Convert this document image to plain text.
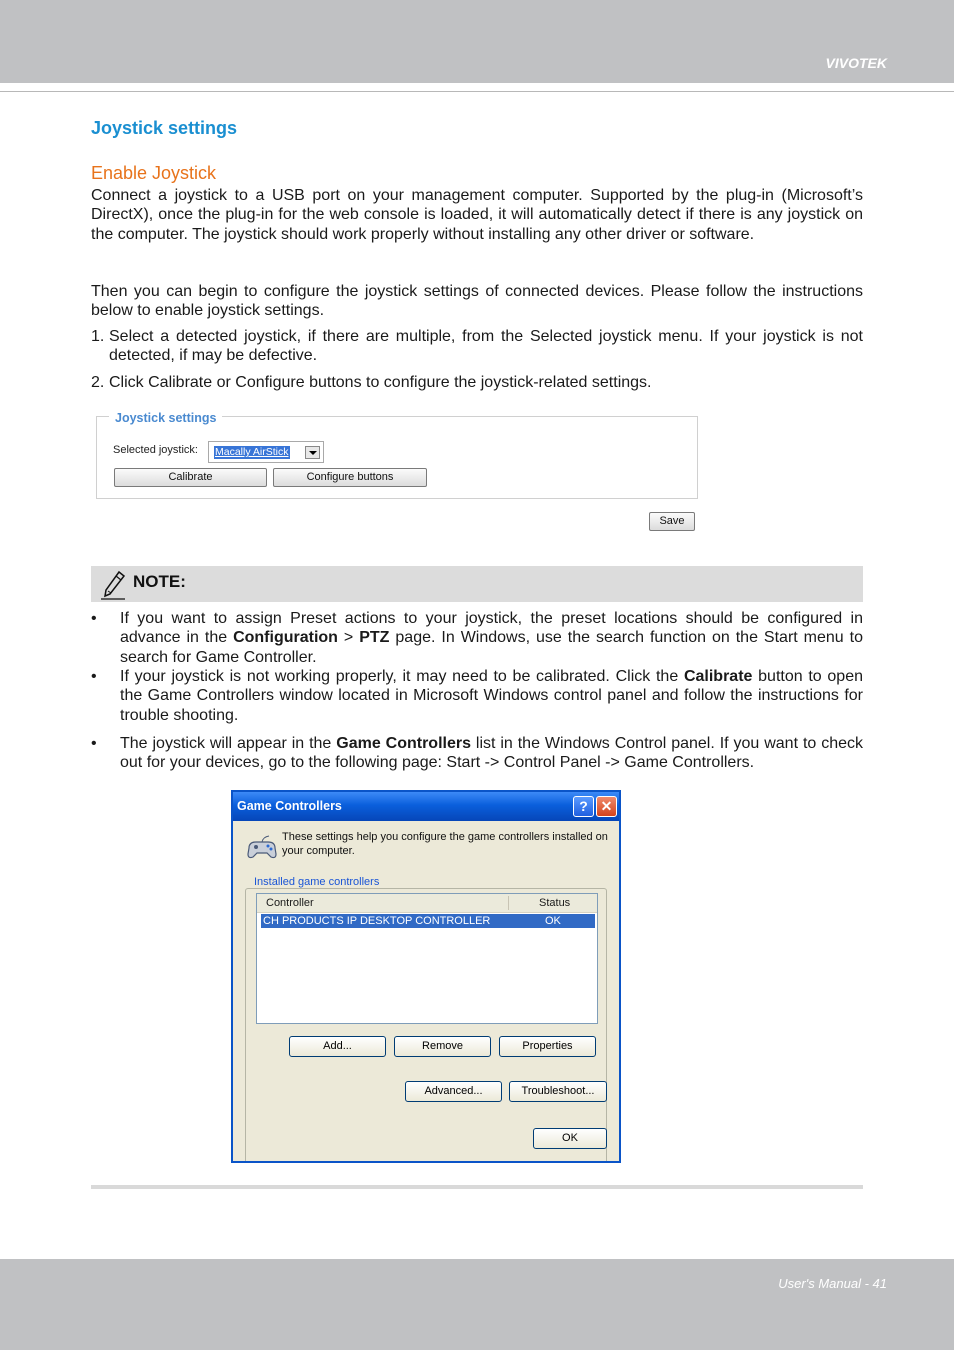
VIVOTEK
Joystick settings
Enable Joystick

Connect a joystick to a USB port on your management computer. Supported by the plug-in (Microsoft’s DirectX), once the plug-in for the web console is loaded, it will automatically detect if there is any joystick on the computer. The joystick should work properly without installing any other driver or software.

Then you can begin to configure the joystick settings of connected devices. Please follow the instructions below to enable joystick settings.

1. Select a detected joystick, if there are multiple, from the Selected joystick menu. If your joystick is not detected, if may be defective.
2. Click Calibrate or Configure buttons to configure the joystick-related settings.
Joystick settings
Selected joystick: Macally AirStick
Calibrate	Configure buttons
Save
NOTE:
•	If you want to assign Preset actions to your joystick, the preset locations should be configured in advance in the Configuration > PTZ page. In Windows, use the search function on the Start menu to search for Game Controller.
•	If your joystick is not working properly, it may need to be calibrated. Click the Calibrate button to open the Game Controllers window located in Microsoft Windows control panel and follow the instructions for trouble shooting.
•	The joystick will appear in the Game Controllers list in the Windows Control panel. If you want to check out for your devices, go to the following page: Start -> Control Panel -> Game Controllers.
Game Controllers	? ✕
These settings help you configure the game controllers installed on your computer.
Installed game controllers
Controller	Status
CH PRODUCTS IP DESKTOP CONTROLLER	OK
Add...	Remove	Properties
Advanced...	Troubleshoot...
OK
User's Manual - 41
